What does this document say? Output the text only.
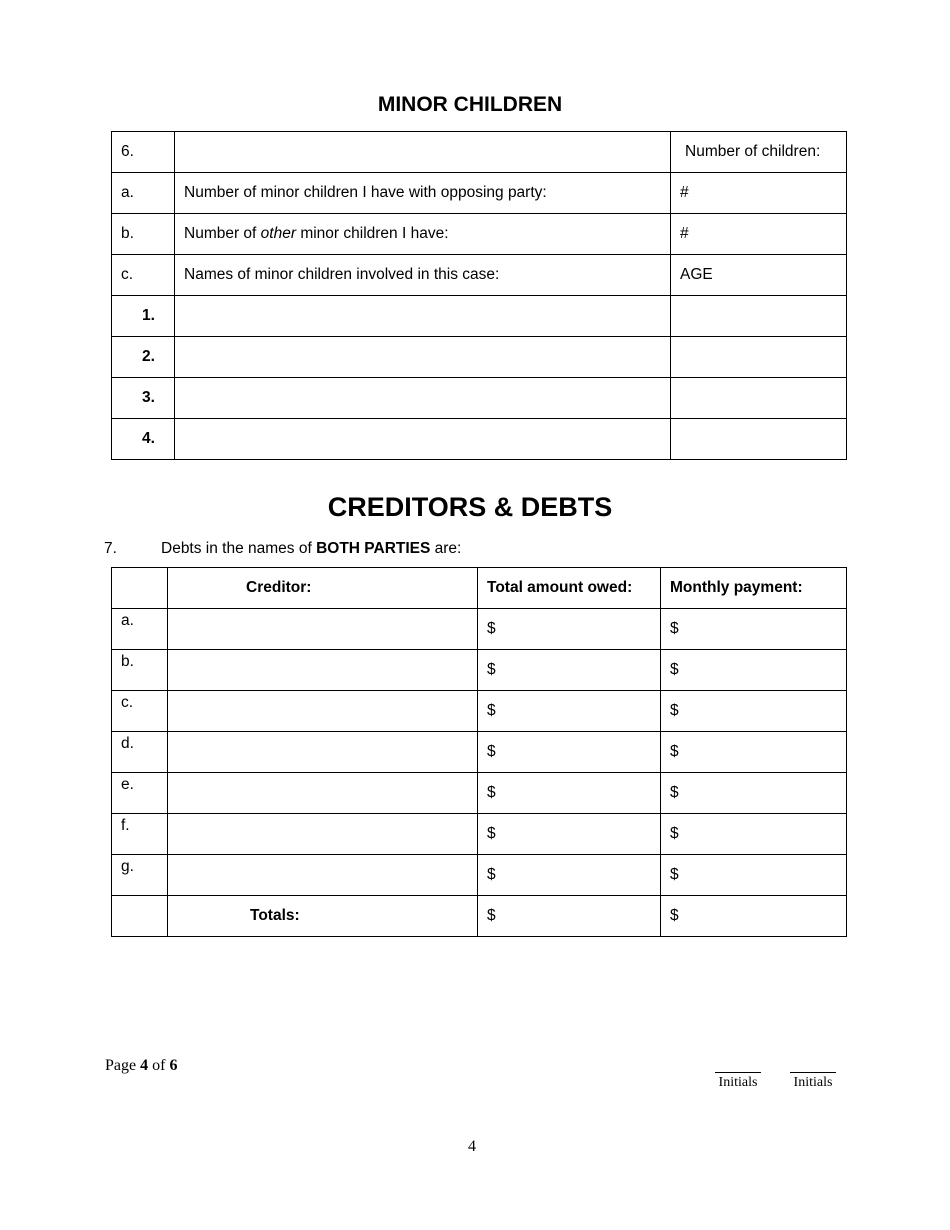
MINOR CHILDREN
6.		Number of children:
a.	Number of minor children I have with opposing party:	#
b.	Number of other minor children I have:	#
c.	Names of minor children involved in this case:	AGE
1.		
2.		
3.		
4.		
CREDITORS & DEBTS
7.	Debts in the names of BOTH PARTIES are:
	Creditor:	Total amount owed:	Monthly payment:
a.		$	$
b.		$	$
c.		$	$
d.		$	$
e.		$	$
f.		$	$
g.		$	$
	Totals:	$	$
Page 4 of 6
Initials	Initials
4
